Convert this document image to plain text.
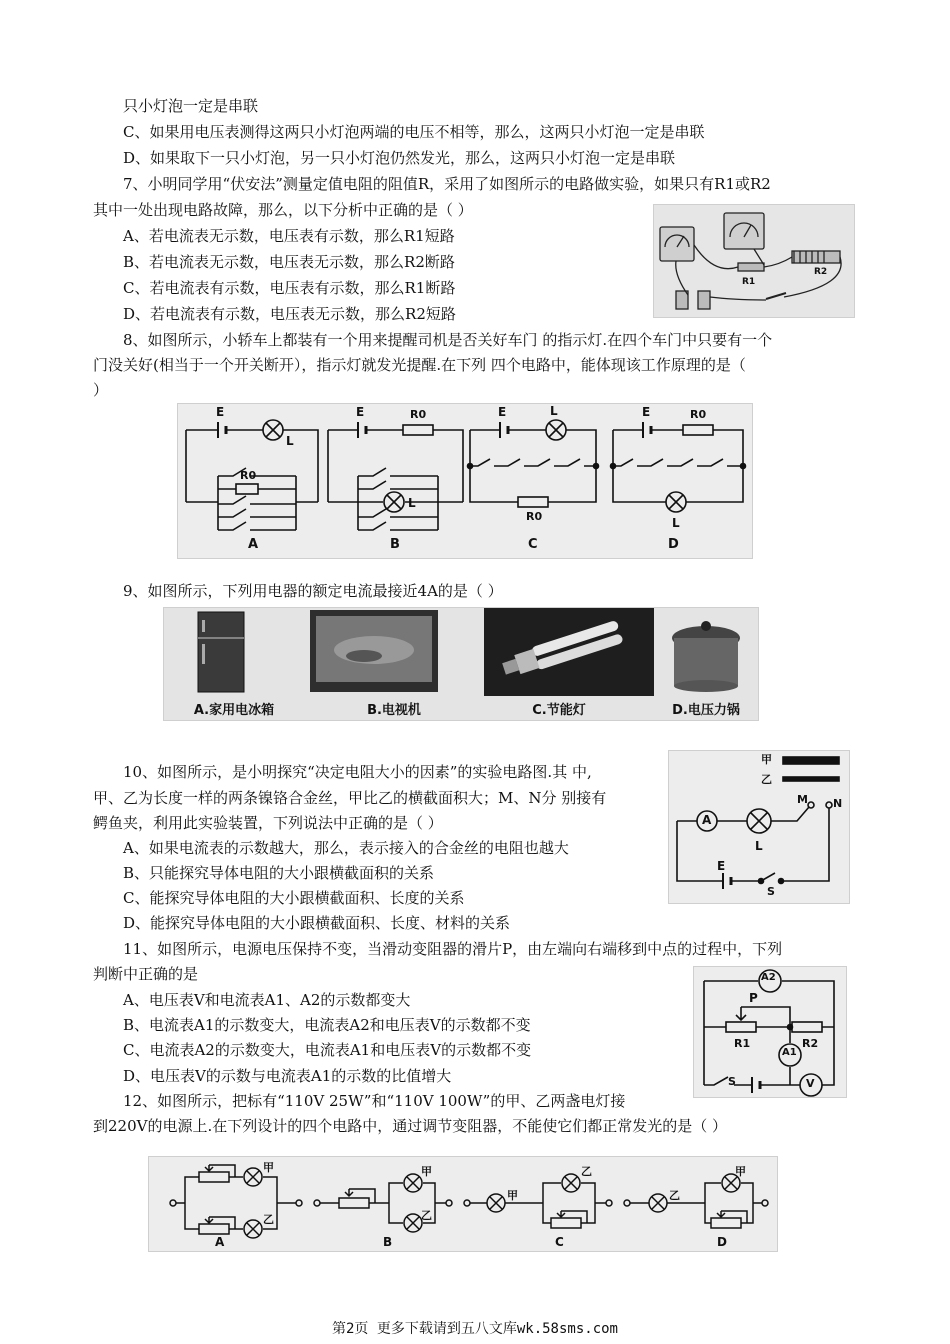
只小灯泡一定是串联
C、如果用电压表测得这两只小灯泡两端的电压不相等，那么，这两只小灯泡一定是串联
D、如果取下一只小灯泡，另一只小灯泡仍然发光，那么，这两只小灯泡一定是串联
7、小明同学用“伏安法”测量定值电阻的阻值R，采用了如图所示的电路做实验，如果只有R1或R2
其中一处出现电路故障，那么，以下分析中正确的是（ ）
A、若电流表无示数，电压表有示数，那么R1短路
B、若电流表无示数，电压表无示数，那么R2断路
C、若电流表有示数，电压表有示数，那么R1断路
D、若电流表有示数，电压表无示数，那么R2短路
8、如图所示，小轿车上都装有一个用来提醒司机是否关好车门 的指示灯.在四个车门中只要有一个
门没关好(相当于一个开关断开），指示灯就发光提醒.在下列 四个电路中，能体现该工作原理的是（
）
9、如图所示，下列用电器的额定电流最接近4A的是（ ）
10、如图所示，是小明探究“决定电阻大小的因素”的实验电路图.其 中,
甲、乙为长度一样的两条镍铬合金丝，甲比乙的横截面积大；M、N分 别接有
鳄鱼夹，利用此实验装置，下列说法中正确的是（ ）
A、如果电流表的示数越大，那么，表示接入的合金丝的电阻也越大
B、只能探究导体电阻的大小跟横截面积的关系
C、能探究导体电阻的大小跟横截面积、长度的关系
D、能探究导体电阻的大小跟横截面积、长度、材料的关系
11、如图所示，电源电压保持不变，当滑动变阻器的滑片P，由左端向右端移到中点的过程中，下列
判断中正确的是
A、电压表V和电流表A1、A2的示数都变大
B、电流表A1的示数变大，电流表A2和电压表V的示数都不变
C、电流表A2的示数变大，电流表A1和电压表V的示数都不变
D、电压表V的示数与电流表A1的示数的比值增大
12、如图所示，把标有“110V 25W”和“110V 100W”的甲、乙两盏电灯接
到220V的电源上.在下列设计的四个电路中，通过调节变阻器，不能使它们都正常发光的是（ ）
R1
R2
E
L
R0
A
E	R0
L
B
E	L
R0
C
E	R0
L
D
A.家用电冰箱	B.电视机	C.节能灯	D.电压力锅
甲
乙
A
M N
L
E
S
A2
P
R1	R2
A1
S	V
甲
乙
A
甲
乙
B
甲
乙
C
乙
甲
D
第2页 更多下载请到五八文库wk.58sms.com
